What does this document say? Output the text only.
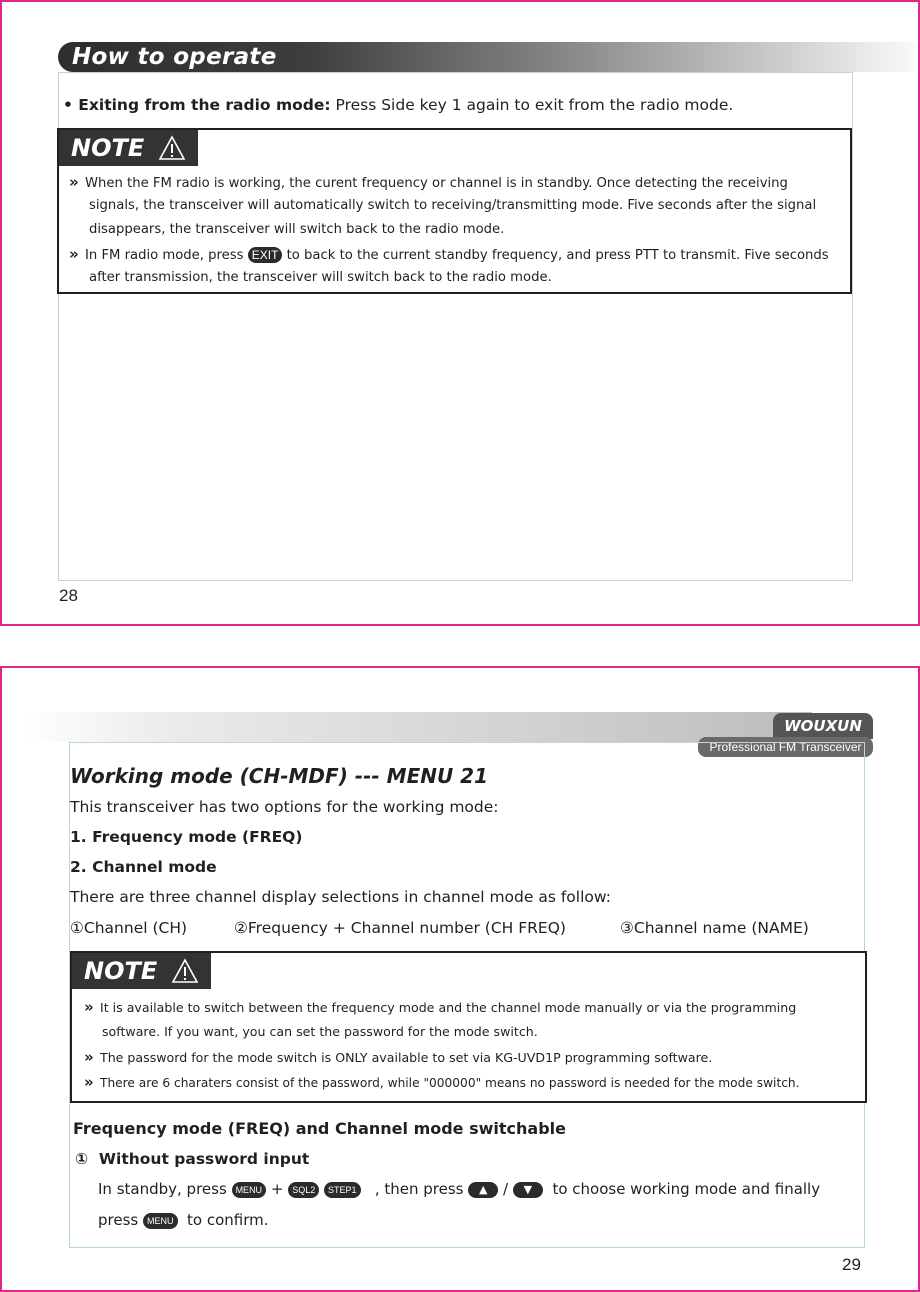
How to operate
• Exiting from the radio mode: Press Side key 1 again to exit from the radio mode.
NOTE
» When the FM radio is working, the curent frequency or channel is in standby. Once detecting the receiving
signals, the transceiver will automatically switch to receiving/transmitting mode. Five seconds after the signal
disappears, the transceiver will switch back to the radio mode.
» In FM radio mode, press EXIT to back to the current standby frequency, and press PTT to transmit. Five seconds
after transmission, the transceiver will switch back to the radio mode.
28
WOUXUN
Professional FM Transceiver
Working mode (CH-MDF) --- MENU 21
This transceiver has two options for the working mode:
1. Frequency mode (FREQ)
2. Channel mode
There are three channel display selections in channel mode as follow:
①Channel (CH)	②Frequency + Channel number (CH FREQ)	③Channel name (NAME)
NOTE
» It is available to switch between the frequency mode and the channel mode manually or via the programming
software. If you want, you can set the password for the mode switch.
» The password for the mode switch is ONLY available to set via KG-UVD1P programming software.
» There are 6 charaters consist of the password, while "000000" means no password is needed for the mode switch.
Frequency mode (FREQ) and Channel mode switchable
① Without password input
In standby, press MENU + SQL2 STEP1 , then press ▲ / ▼ to choose working mode and finally
press MENU to confirm.
29
